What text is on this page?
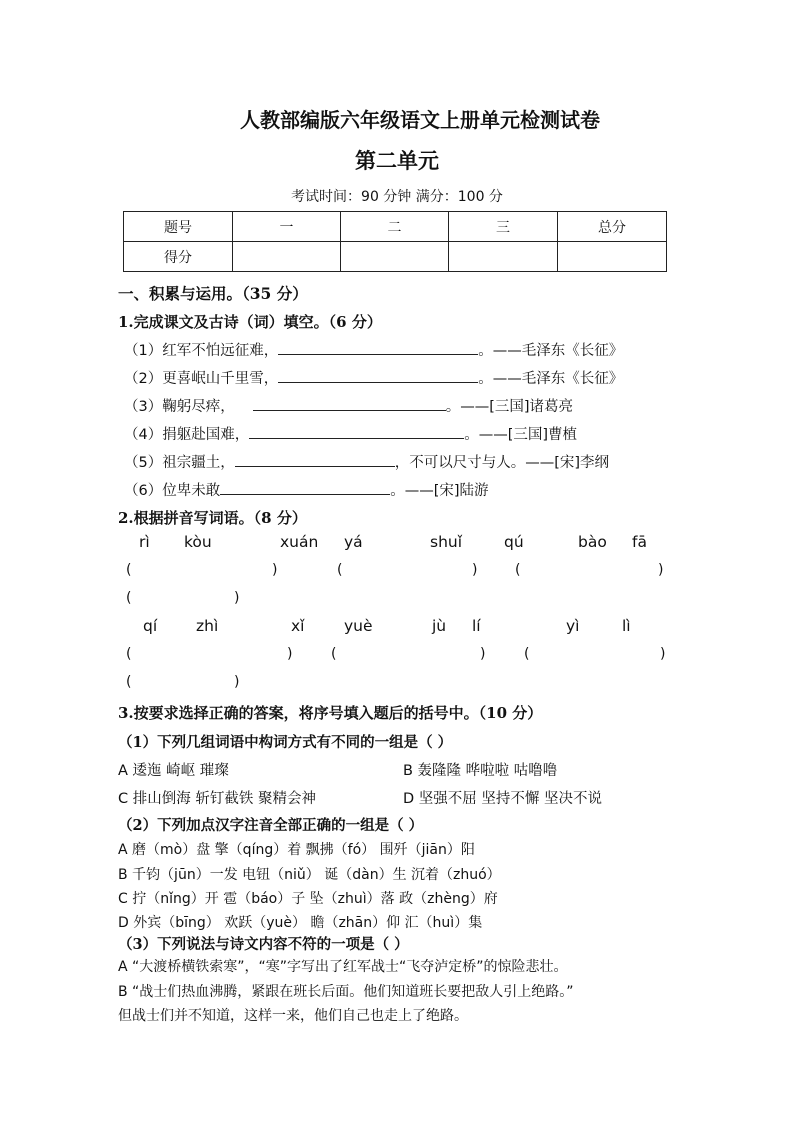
人教部编版六年级语文上册单元检测试卷
第二单元
考试时间：90 分钟 满分：100 分
题号	一	二	三	总分
得分				
一、积累与运用。（35 分）
1.完成课文及古诗（词）填空。（6 分）
（1）红军不怕远征难，	。——毛泽东《长征》
（2）更喜岷山千里雪，	。——毛泽东《长征》
（3）鞠躬尽瘁，	。——[三国]诸葛亮
（4）捐躯赴国难，	。——[三国]曹植
（5）祖宗疆土，	，不可以尺寸与人。——[宋]李纲
（6）位卑未敢	。——[宋]陆游
2.根据拼音写词语。（8 分）
rì kòu	xuán yá	shuǐ	qú	bào fā
(	)	(	)	(	)
(	)
qí	zhì	xǐ	yuè	jù lí	yì	lì
(	)	(	)	(	)
(	)
3.按要求选择正确的答案，将序号填入题后的括号中。（10 分）
（1）下列几组词语中构词方式有不同的一组是（ ）
A 逶迤 崎岖 璀璨	B 轰隆隆 哗啦啦 咕噜噜
C 排山倒海 斩钉截铁 聚精会神	D 坚强不屈 坚持不懈 坚决不说
（2）下列加点汉字注音全部正确的一组是（ ）
A 磨（mò）盘 擎（qíng）着 飘拂（fó） 围歼（jiān）阳
B 千钧（jūn）一发 电钮（niǔ） 诞（dàn）生 沉着（zhuó）
C 拧（nǐng）开 雹（báo）子 坠（zhuì）落 政（zhèng）府
D 外宾（bīng） 欢跃（yuè） 瞻（zhān）仰 汇（huì）集
（3）下列说法与诗文内容不符的一项是（ ）
A “大渡桥横铁索寒”，“寒”字写出了红军战士“飞夺泸定桥”的惊险悲壮。
B “战士们热血沸腾，紧跟在班长后面。他们知道班长要把敌人引上绝路。”
但战士们并不知道，这样一来，他们自己也走上了绝路。
